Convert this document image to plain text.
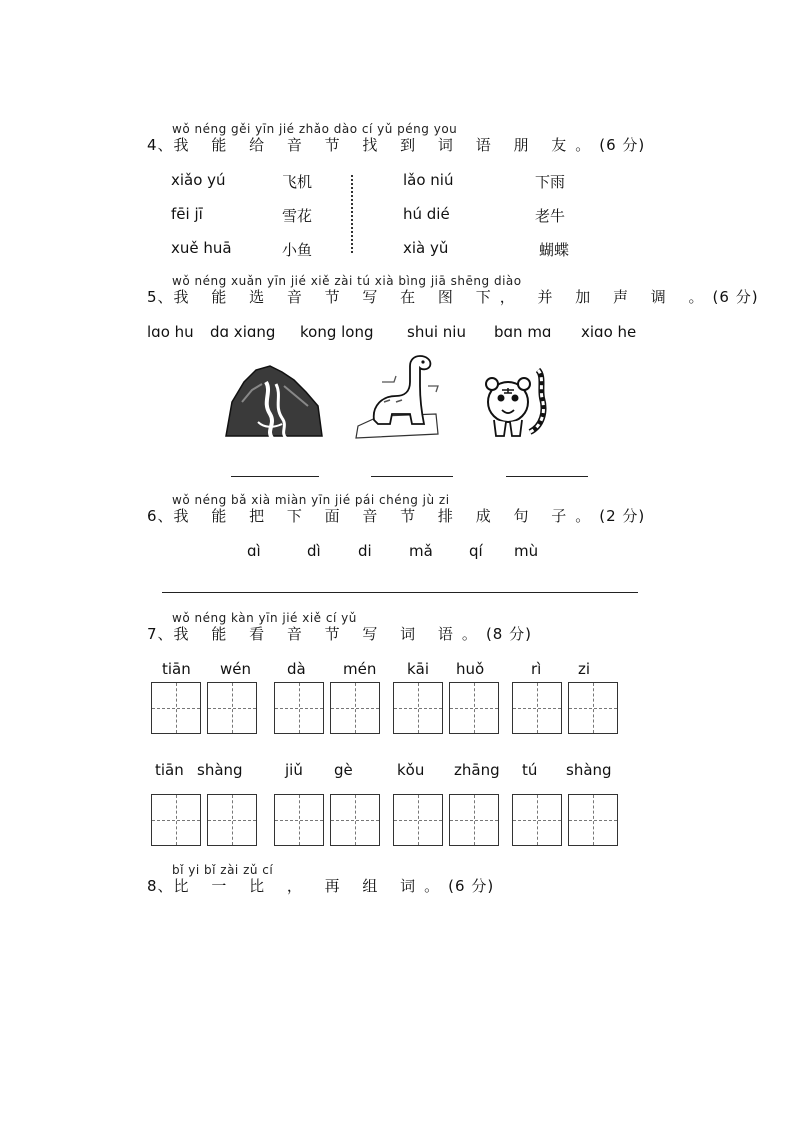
wǒ néng gěi yīn jié zhǎo dào cí yǔ péng you
4、我 能 给 音 节 找 到 词 语 朋 友。(6 分)
xiǎo yú	飞机
fēi jī	雪花
xuě huā	小鱼
lǎo niú	下雨
hú dié	老牛
xià yǔ	蝴蝶
wǒ néng xuǎn yīn jié xiě zài tú xià bìng jiā shēng diào
5、我 能 选 音 节 写 在 图 下， 并 加 声 调 。(6 分)
lɑo hu dɑ xiɑng kong long shui niu bɑn mɑ xiɑo he
wǒ néng bǎ xià miàn yīn jié pái chéng jù zi
6、我 能 把 下 面 音 节 排 成 句 子。(2 分)
ɑì	dì di mǎ qí mù
wǒ néng kàn yīn jié xiě cí yǔ
7、我 能 看 音 节 写 词 语。(8 分)
tiān wén dà mén kāi huǒ	rì zi
tiān shàng	jiǔ gè	kǒu zhāng tú shàng
bǐ yi bǐ zài zǔ cí
8、比 一 比 ， 再 组 词。(6 分)
